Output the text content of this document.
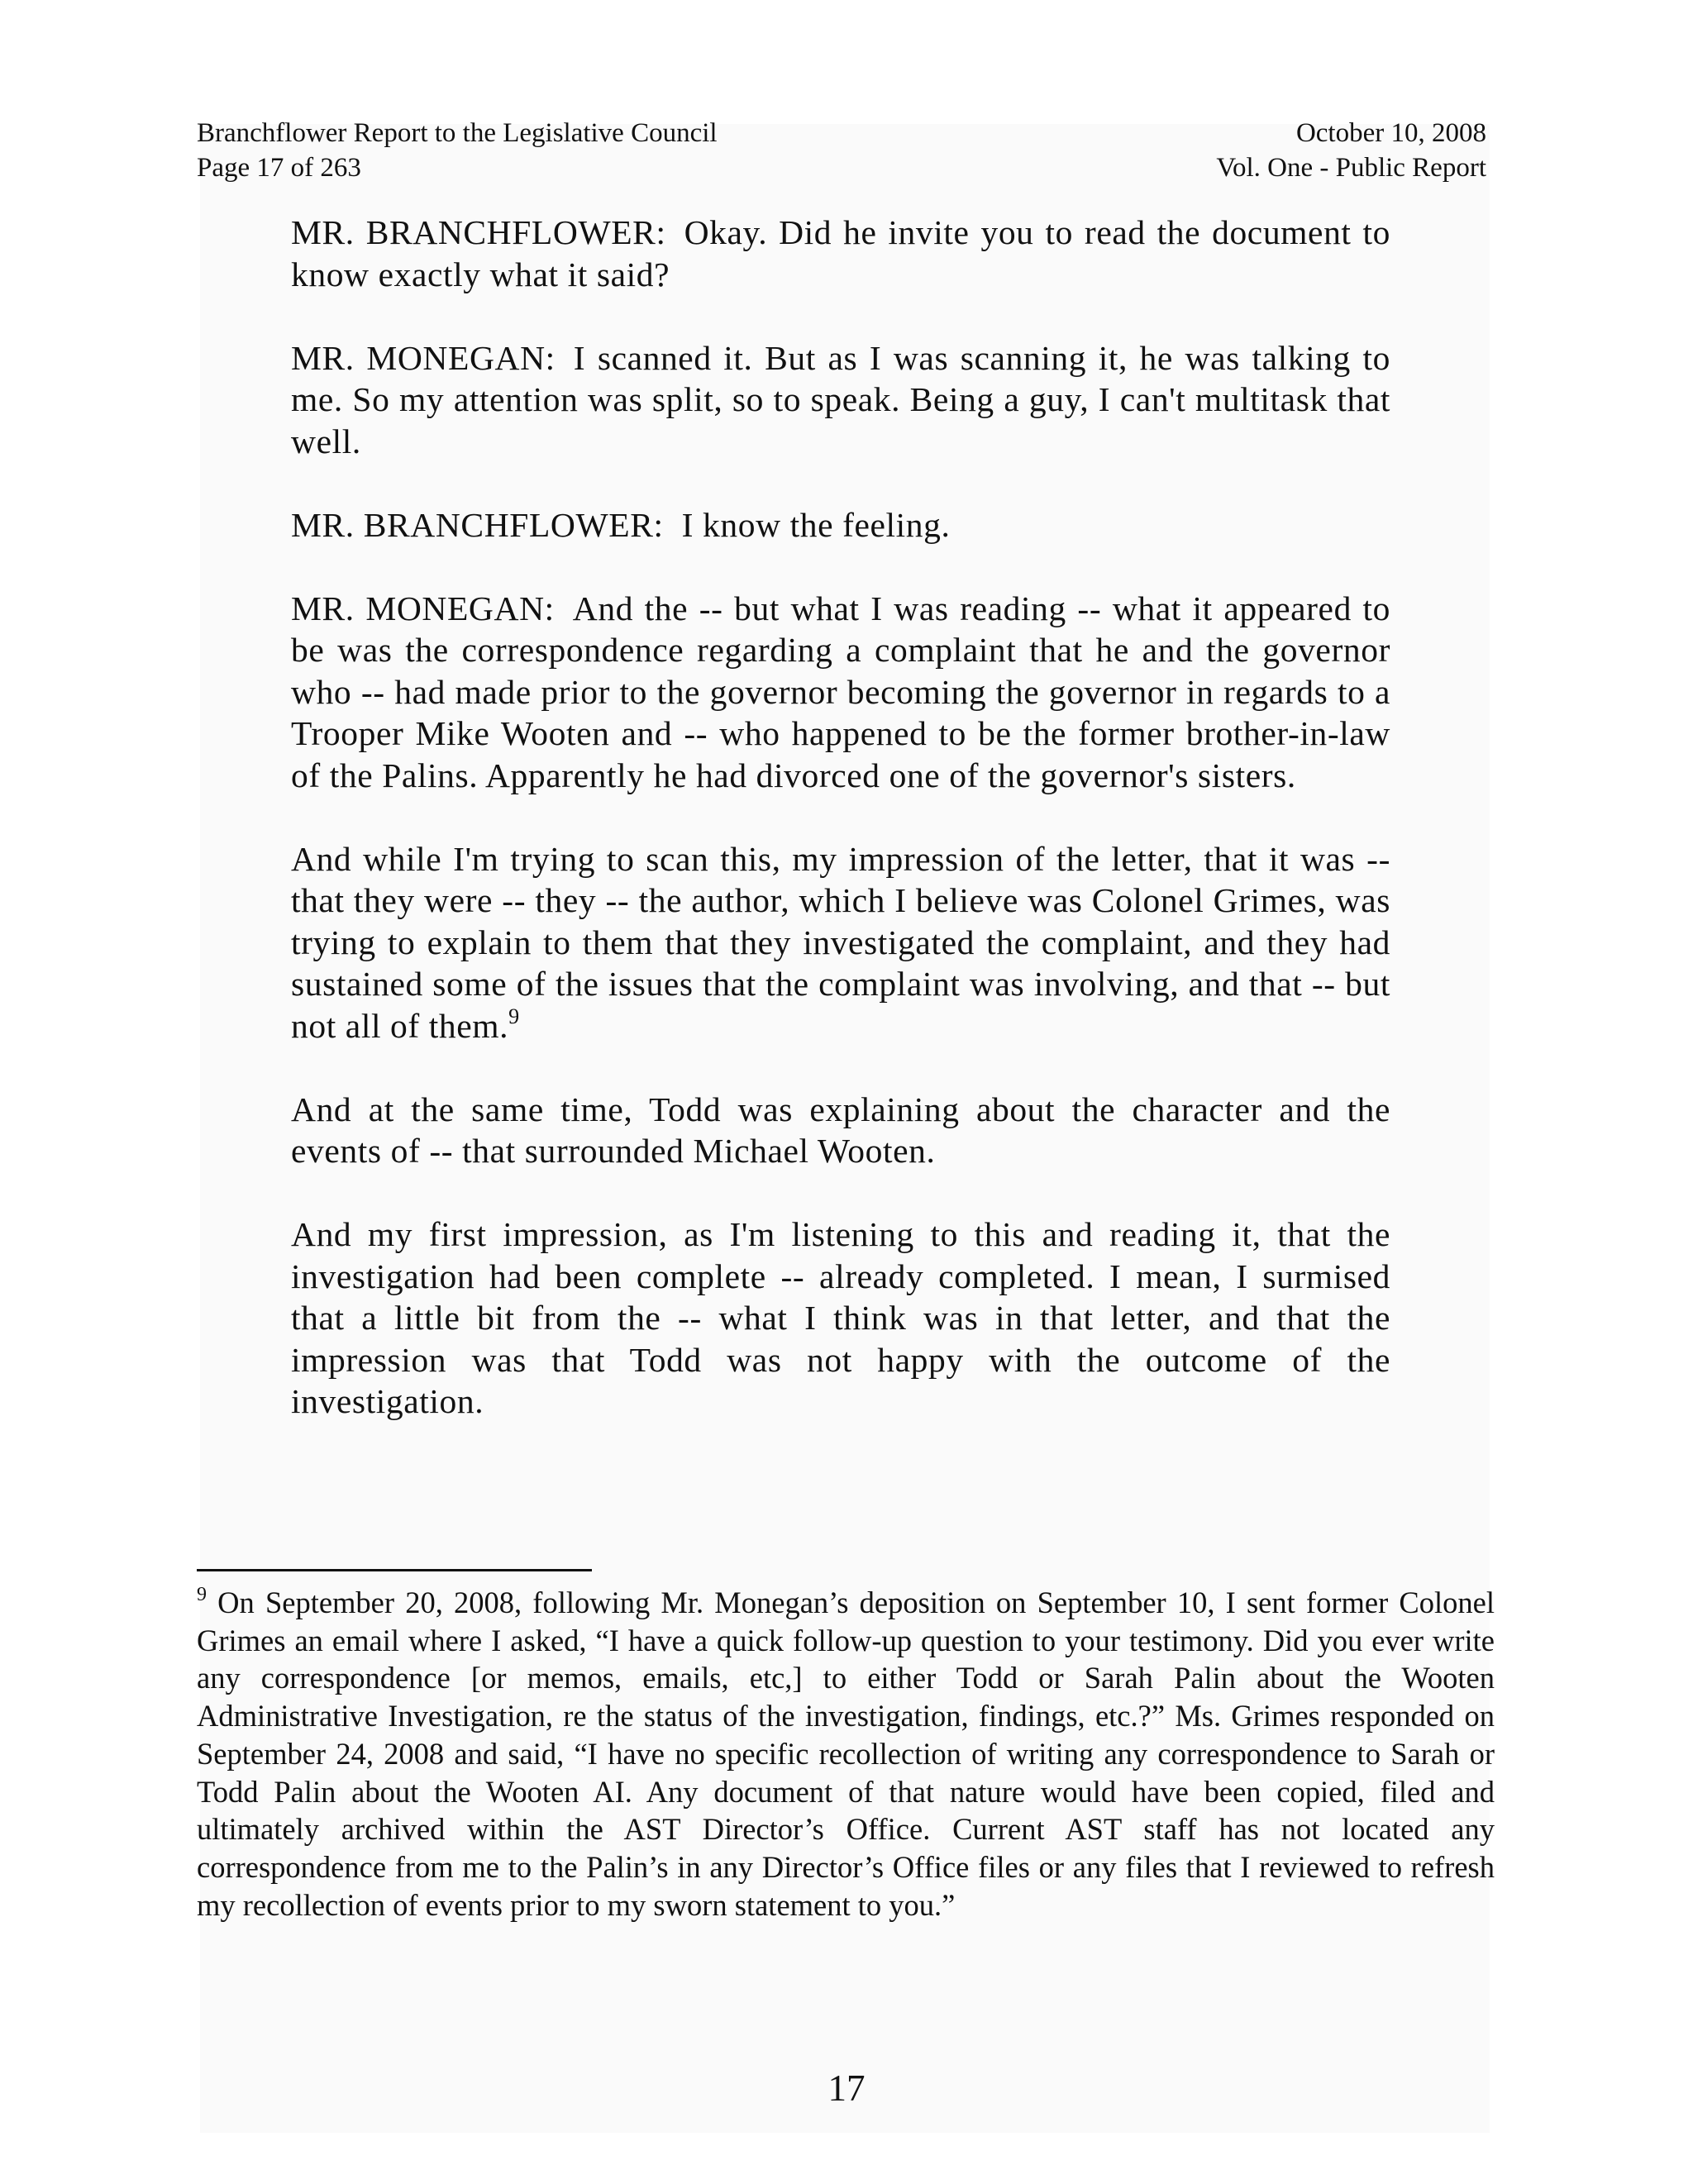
Branchflower Report to the Legislative Council
Page 17 of 263
October 10, 2008
Vol. One - Public Report

MR. BRANCHFLOWER: Okay. Did he invite you to read the document to know exactly what it said?

MR. MONEGAN: I scanned it. But as I was scanning it, he was talking to me. So my attention was split, so to speak. Being a guy, I can't multitask that well.

MR. BRANCHFLOWER: I know the feeling.

MR. MONEGAN: And the -- but what I was reading -- what it appeared to be was the correspondence regarding a complaint that he and the governor who -- had made prior to the governor becoming the governor in regards to a Trooper Mike Wooten and -- who happened to be the former brother-in-law of the Palins. Apparently he had divorced one of the governor's sisters.

And while I'm trying to scan this, my impression of the letter, that it was -- that they were -- they -- the author, which I believe was Colonel Grimes, was trying to explain to them that they investigated the complaint, and they had sustained some of the issues that the complaint was involving, and that -- but not all of them.$^9$

And at the same time, Todd was explaining about the character and the events of -- that surrounded Michael Wooten.

And my first impression, as I'm listening to this and reading it, that the investigation had been complete -- already completed. I mean, I surmised that a little bit from the -- what I think was in that letter, and that the impression was that Todd was not happy with the outcome of the investigation.

$^9$ On September 20, 2008, following Mr. Monegan’s deposition on September 10, I sent former Colonel Grimes an email where I asked, “I have a quick follow-up question to your testimony. Did you ever write any correspondence [or memos, emails, etc,] to either Todd or Sarah Palin about the Wooten Administrative Investigation, re the status of the investigation, findings, etc.?” Ms. Grimes responded on September 24, 2008 and said, “I have no specific recollection of writing any correspondence to Sarah or Todd Palin about the Wooten AI. Any document of that nature would have been copied, filed and ultimately archived within the AST Director’s Office. Current AST staff has not located any correspondence from me to the Palin’s in any Director’s Office files or any files that I reviewed to refresh my recollection of events prior to my sworn statement to you.”
17
